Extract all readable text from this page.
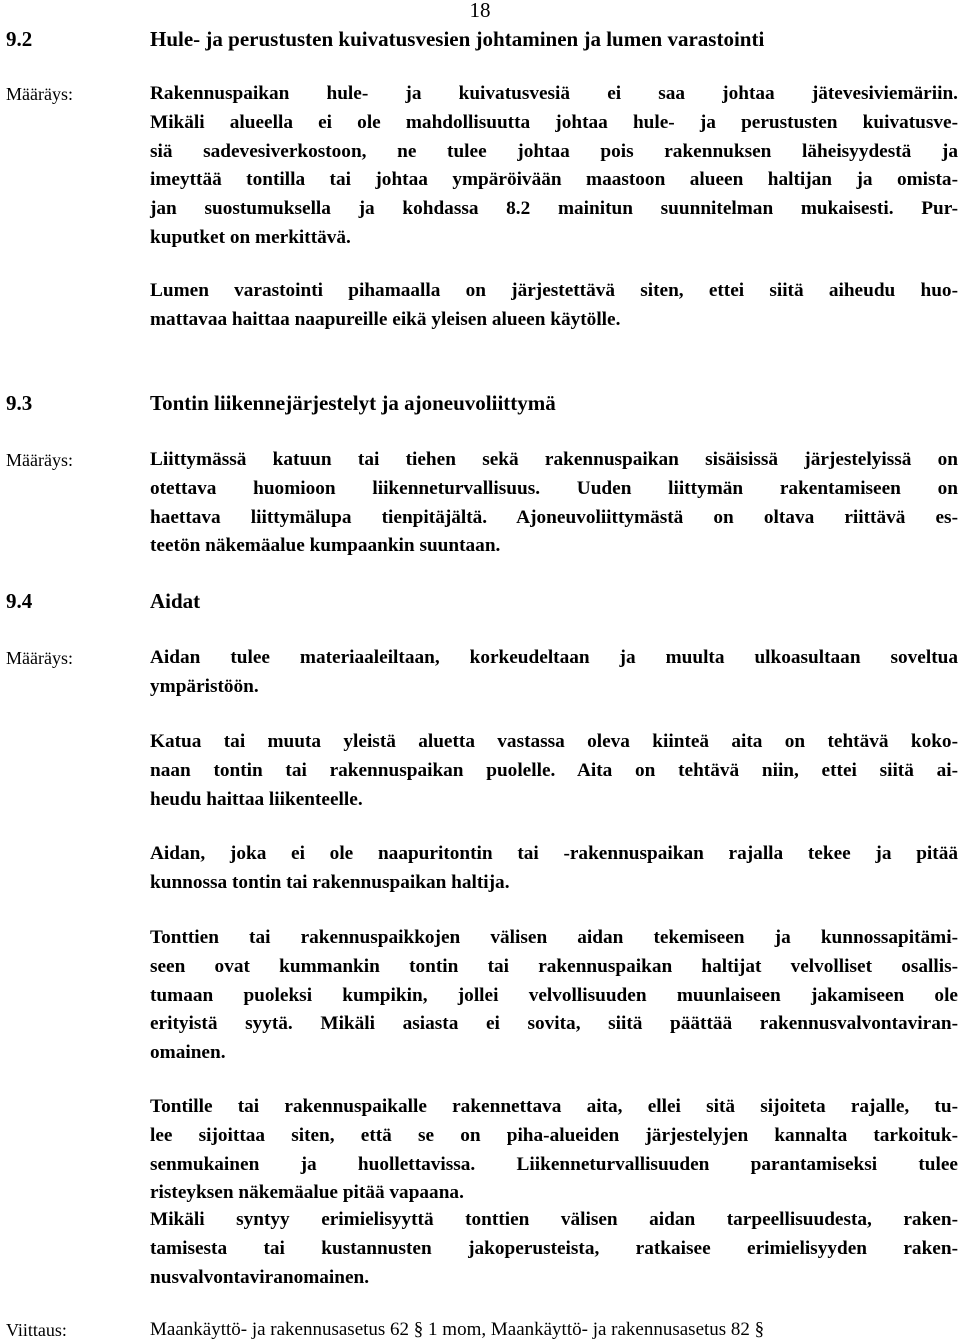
18
9.2	Hule- ja perustusten kuivatusvesien johtaminen ja lumen varastointi
Määräys:	Rakennuspaikan hule- ja kuivatusvesiä ei saa johtaa jätevesiviemäriin.
Mikäli alueella ei ole mahdollisuutta johtaa hule- ja perustusten kuivatusve-
siä sadevesiverkostoon, ne tulee johtaa pois rakennuksen läheisyydestä ja
imeyttää tontilla tai johtaa ympäröivään maastoon alueen haltijan ja omista-
jan suostumuksella ja kohdassa 8.2 mainitun suunnitelman mukaisesti. Pur-
kuputket on merkittävä.
Lumen varastointi pihamaalla on järjestettävä siten, ettei siitä aiheudu huo-
mattavaa haittaa naapureille eikä yleisen alueen käytölle.
9.3	Tontin liikennejärjestelyt ja ajoneuvoliittymä
Määräys:	Liittymässä katuun tai tiehen sekä rakennuspaikan sisäisissä järjestelyissä on
otettava huomioon liikenneturvallisuus. Uuden liittymän rakentamiseen on
haettava liittymälupa tienpitäjältä. Ajoneuvoliittymästä on oltava riittävä es-
teetön näkemäalue kumpaankin suuntaan.
9.4	Aidat
Määräys:	Aidan tulee materiaaleiltaan, korkeudeltaan ja muulta ulkoasultaan soveltua
ympäristöön.
Katua tai muuta yleistä aluetta vastassa oleva kiinteä aita on tehtävä koko-
naan tontin tai rakennuspaikan puolelle. Aita on tehtävä niin, ettei siitä ai-
heudu haittaa liikenteelle.
Aidan, joka ei ole naapuritontin tai -rakennuspaikan rajalla tekee ja pitää
kunnossa tontin tai rakennuspaikan haltija.
Tonttien tai rakennuspaikkojen välisen aidan tekemiseen ja kunnossapitämi-
seen ovat kummankin tontin tai rakennuspaikan haltijat velvolliset osallis-
tumaan puoleksi kumpikin, jollei velvollisuuden muunlaiseen jakamiseen ole
erityistä syytä. Mikäli asiasta ei sovita, siitä päättää rakennusvalvontaviran-
omainen.
Tontille tai rakennuspaikalle rakennettava aita, ellei sitä sijoiteta rajalle, tu-
lee sijoittaa siten, että se on piha-alueiden järjestelyjen kannalta tarkoituk-
senmukainen ja huollettavissa. Liikenneturvallisuuden parantamiseksi tulee
risteyksen näkemäalue pitää vapaana.
Mikäli syntyy erimielisyyttä tonttien välisen aidan tarpeellisuudesta, raken-
tamisesta tai kustannusten jakoperusteista, ratkaisee erimielisyyden raken-
nusvalvontaviranomainen.
Viittaus:	Maankäyttö- ja rakennusasetus 62 § 1 mom, Maankäyttö- ja rakennusasetus 82 §
